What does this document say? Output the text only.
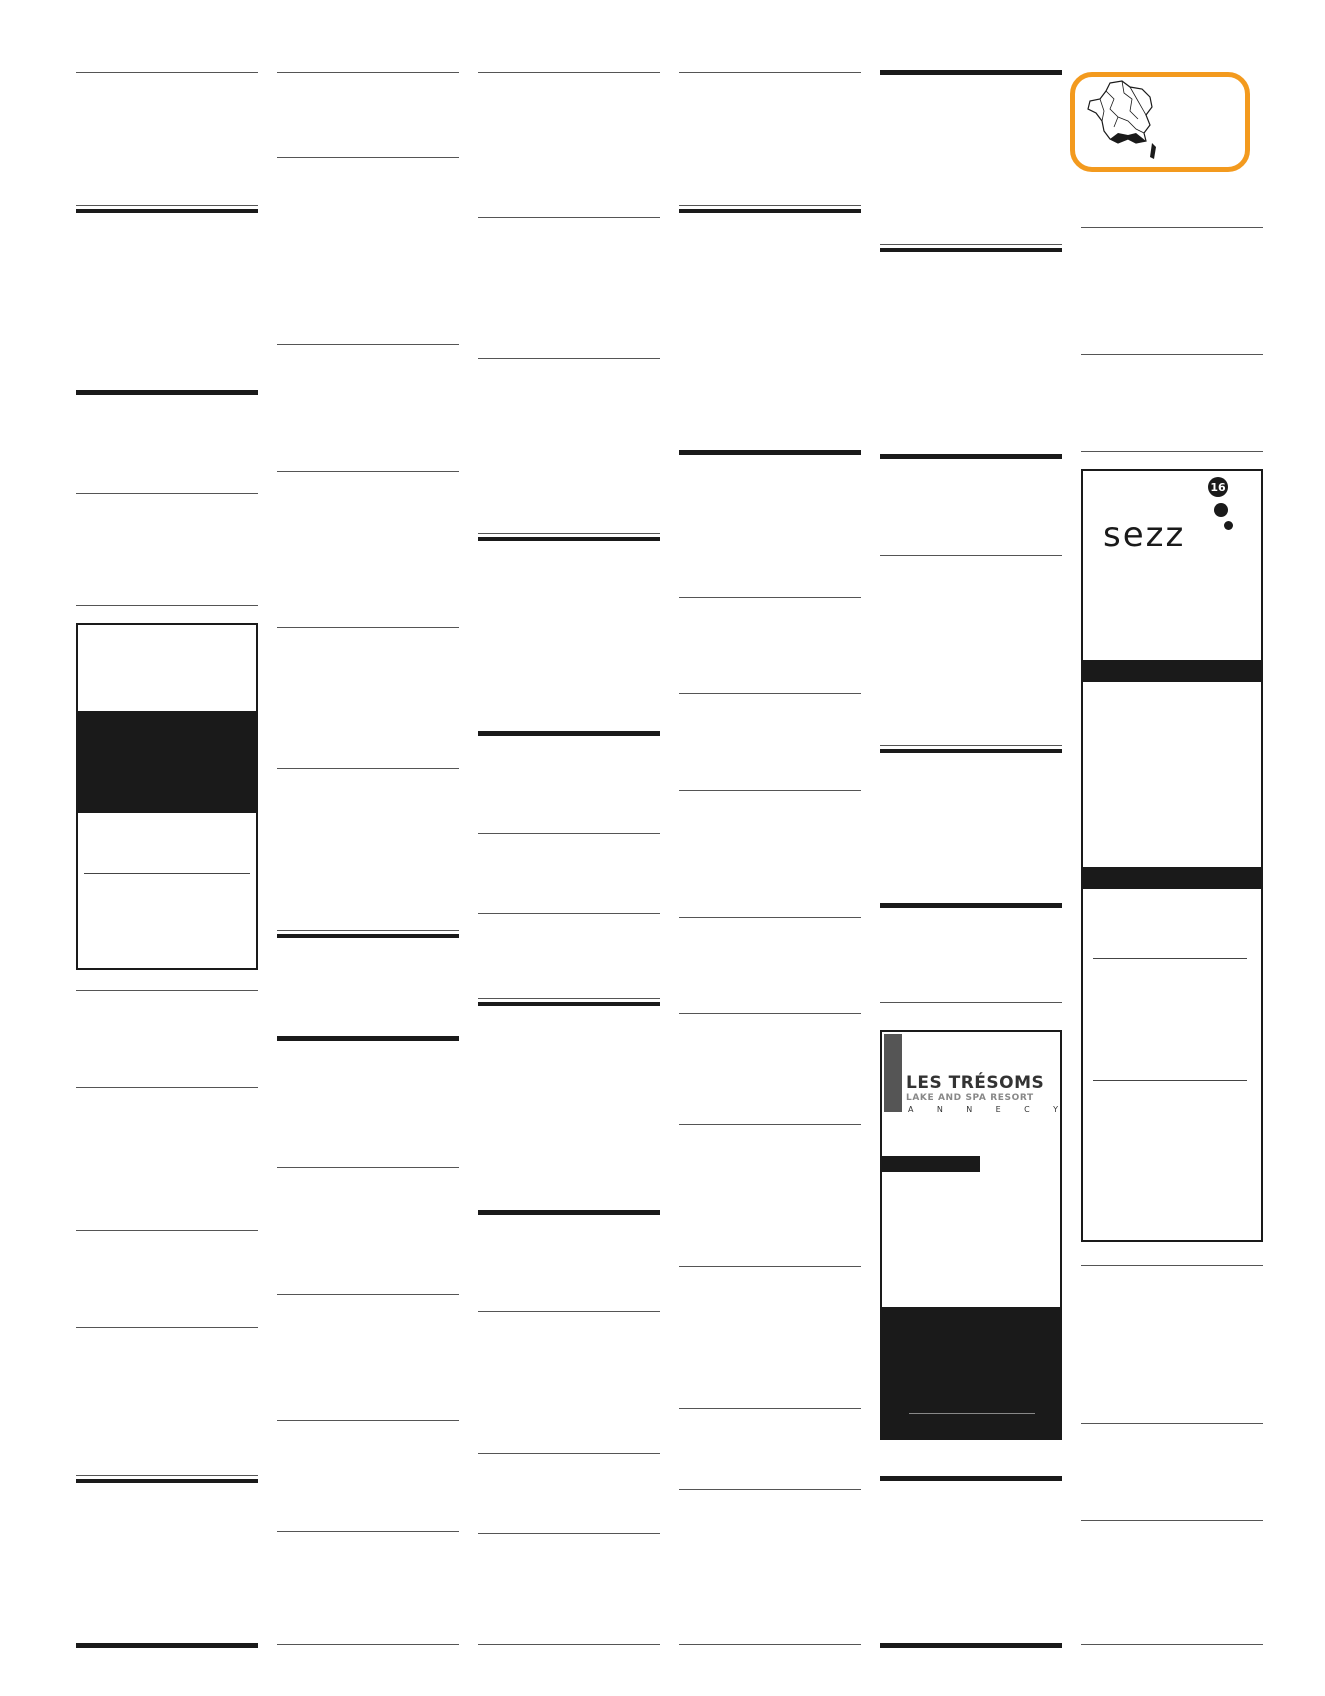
LES TRÉSOMS
LAKE AND SPA RESORT
A	N	N	E	C	Y
16
sezz
